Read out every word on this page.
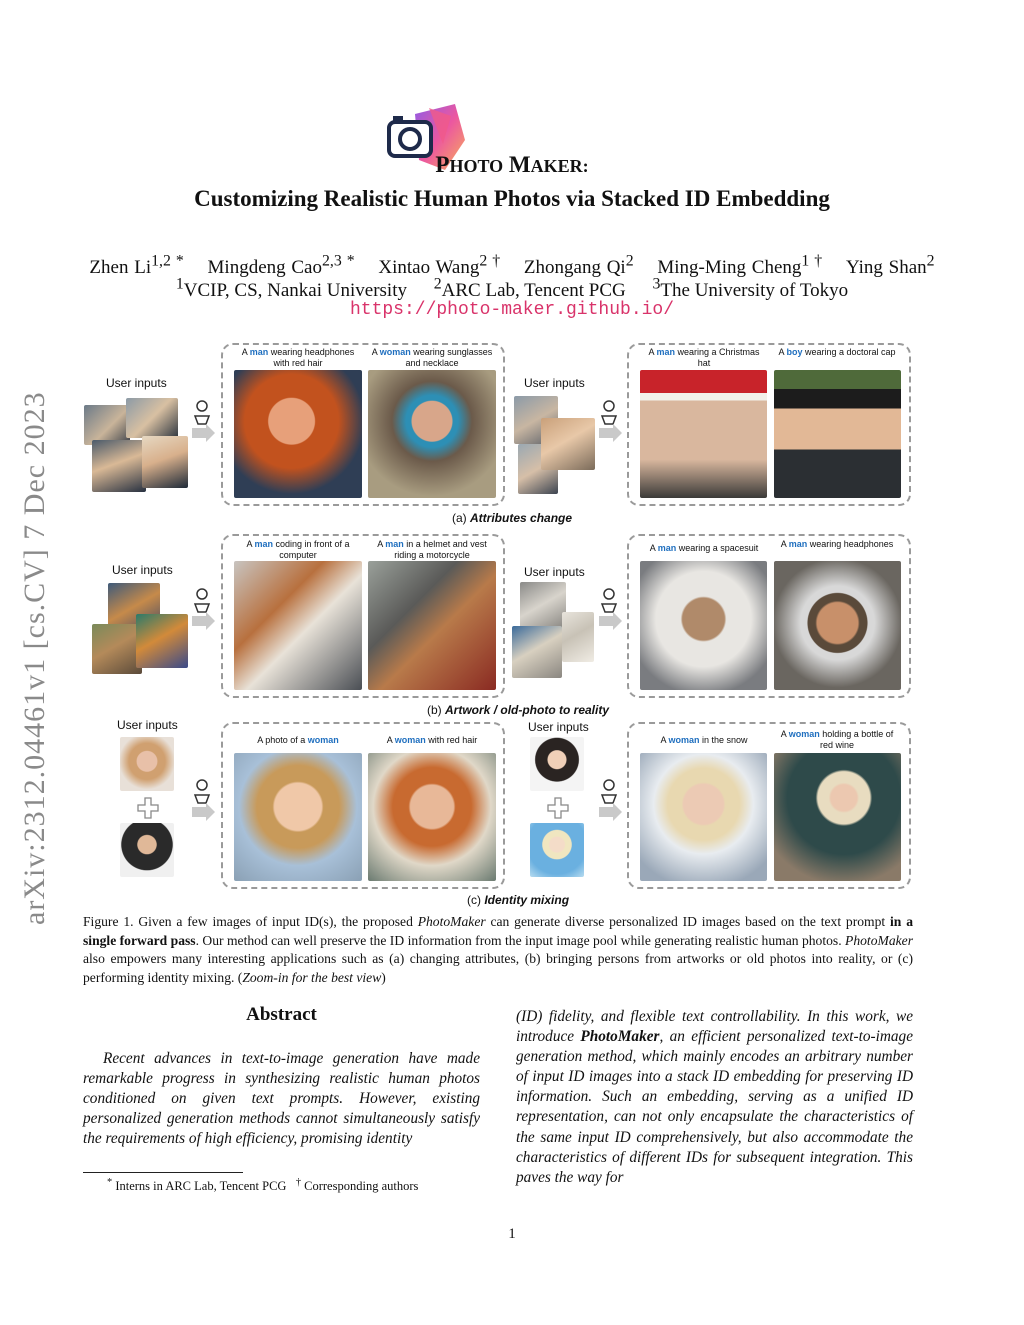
arXiv:2312.04461v1 [cs.CV] 7 Dec 2023
PHOTO MAKER:
Customizing Realistic Human Photos via Stacked ID Embedding
Zhen $Li^{1,2 *}$ Mingdeng Cao$^{2,3 *}$ Xintao Wang$^{2 \dagger}$ Zhongang Qi$^2$ Ming-Ming Cheng$^{1 \dagger}$ Ying Shan$^2$
$^1$VCIP, CS, Nankai University $^2$ARC Lab, Tencent PCG $^3$The University of Tokyo
https://photo-maker.github.io/
User inputs
A man wearing headphones with red hair
A woman wearing sunglasses and necklace
User inputs
A man wearing a Christmas hat
A boy wearing a doctoral cap
(a) Attributes change
User inputs
A man coding in front of a computer
A man in a helmet and vest riding a motorcycle
User inputs
A man wearing a spacesuit	A man wearing headphones
(b) Artwork / old-photo to reality
User inputs
A photo of a woman	A woman with red hair
User inputs
A woman in the snow
A woman holding a bottle of red wine
(c) Identity mixing
Figure 1. Given a few images of input ID(s), the proposed PhotoMaker can generate diverse personalized ID images based on the text prompt in a single forward pass. Our method can well preserve the ID information from the input image pool while generating realistic human photos. PhotoMaker also empowers many interesting applications such as (a) changing attributes, (b) bringing persons from artworks or old photos into reality, or (c) performing identity mixing. (Zoom-in for the best view)
Abstract
Recent advances in text-to-image generation have made remarkable progress in synthesizing realistic human photos conditioned on given text prompts. However, existing personalized generation methods cannot simultaneously satisfy the requirements of high efficiency, promising identity
(ID) fidelity, and flexible text controllability. In this work, we introduce PhotoMaker, an efficient personalized text-to-image generation method, which mainly encodes an arbitrary number of input ID images into a stack ID embedding for preserving ID information. Such an embedding, serving as a unified ID representation, can not only encapsulate the characteristics of the same input ID comprehensively, but also accommodate the characteristics of different IDs for subsequent integration. This paves the way for
* Interns in ARC Lab, Tencent PCG † Corresponding authors
1
